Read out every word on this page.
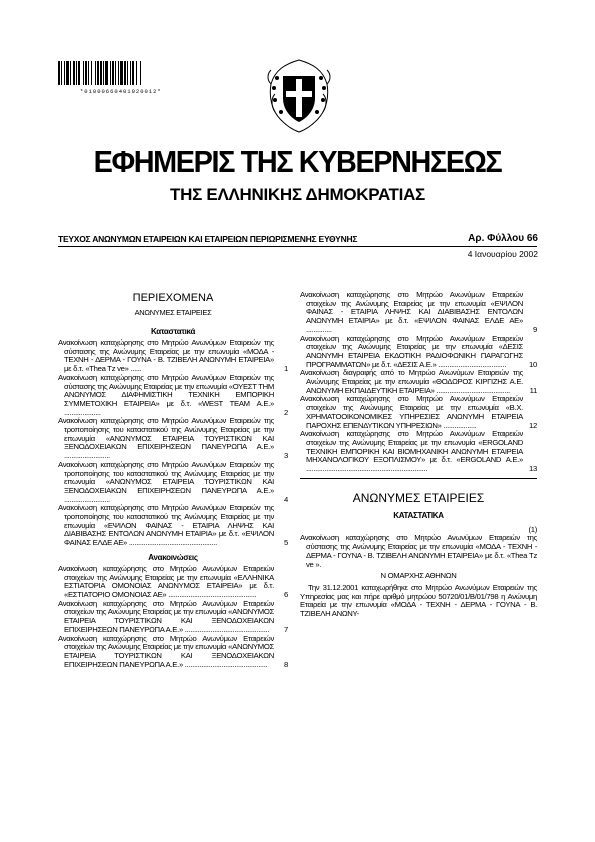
*01000660401020012*
ΕΦΗΜΕΡΙΣ ΤΗΣ ΚΥΒΕΡΝΗΣΕΩΣ
ΤΗΣ ΕΛΛΗΝΙΚΗΣ ΔΗΜΟΚΡΑΤΙΑΣ
ΤΕΥΧΟΣ ΑΝΩΝΥΜΩΝ ΕΤΑΙΡΕΙΩΝ ΚΑΙ ΕΤΑΙΡΕΙΩΝ ΠΕΡΙΩΡΙΣΜΕΝΗΣ ΕΥΘΥΝΗΣ	Αρ. Φύλλου 66
4 Ιανουαρίου 2002
ΠΕΡΙΕΧΟΜΕΝΑ
ΑΝΩΝΥΜΕΣ ΕΤΑΙΡΕΙΕΣ
Καταστατικά
Ανακοίνωση καταχώρησης στο Μητρώο Ανωνύμων Εταιρειών της σύστασης της Ανώνυμης Εταιρείας με την επωνυμία «ΜΟΔΑ - ΤΕΧΝΗ - ΔΕΡΜΑ - ΓΟΥΝΑ - Β. ΤΖΙΒΕΛΗ ΑΝΩΝΥΜΗ ΕΤΑΙΡΕΙΑ» με δ.τ. «Thea Tz ve» ......	1
Ανακοίνωση καταχώρησης στο Μητρώο Ανωνύμων Εταιρειών της σύστασης της Ανώνυμης Εταιρείας με την επωνυμία «ΟΥΕΣΤ ΤΗΜ ΑΝΩΝΥΜΟΣ ΔΙΑΦΗΜΙΣΤΙΚΗ ΤΕΧΝΙΚΗ ΕΜΠΟΡΙΚΗ ΣΥΜΜΕΤΟΧΙΚΗ ΕΤΑΙΡΕΙΑ» με δ.τ. «WEST TEAM Α.Ε.» ....................	2
Ανακοίνωση καταχώρησης στο Μητρώο Ανωνύμων Εταιρειών της τροποποίησης του καταστατικού της Ανώνυμης Εταιρείας με την επωνυμία «ΑΝΩΝΥΜΟΣ ΕΤΑΙΡΕΙΑ ΤΟΥΡΙΣΤΙΚΩΝ ΚΑΙ ΞΕΝΟΔΟΧΕΙΑΚΩΝ ΕΠΙΧΕΙΡΗΣΕΩΝ ΠΑΝΕΥΡΩΠΑ Α.Ε.» .........................	3
Ανακοίνωση καταχώρησης στο Μητρώο Ανωνύμων Εταιρειών της τροποποίησης του καταστατικού της Ανώνυμης Εταιρείας με την επωνυμία «ΑΝΩΝΥΜΟΣ ΕΤΑΙΡΕΙΑ ΤΟΥΡΙΣΤΙΚΩΝ ΚΑΙ ΞΕΝΟΔΟΧΕΙΑΚΩΝ ΕΠΙΧΕΙΡΗΣΕΩΝ ΠΑΝΕΥΡΩΠΑ Α.Ε.» .........................	4
Ανακοίνωση καταχώρησης στο Μητρώο Ανωνύμων Εταιρειών της τροποποίησης του καταστατικού της Ανώνυμης Εταιρείας με την επωνυμία «ΕΨΙΛΟΝ ΦΑΙΝΑΣ - ΕΤΑΙΡΙΑ ΛΗΨΗΣ ΚΑΙ ΔΙΑΒΙΒΑΣΗΣ ΕΝΤΟΛΩΝ ΑΝΩΝΥΜΗ ΕΤΑΙΡΙΑ» με δ.τ. «ΕΨΙΛΟΝ ΦΑΙΝΑΣ ΕΛΔΕ ΑΕ» ................................................	5
Ανακοινώσεις
Ανακοίνωση καταχώρησης στο Μητρώο Ανωνύμων Εταιρειών στοιχείων της Ανώνυμης Εταιρείας με την επωνυμία «ΕΛΛΗΝΙΚΑ ΕΣΤΙΑΤΟΡΙΑ ΟΜΟΝΟΙΑΣ ΑΝΩΝΥΜΟΣ ΕΤΑΙΡΕΙΑ» με δ.τ. «ΕΣΤΙΑΤΟΡΙΟ ΟΜΟΝΟΙΑΣ ΑΕ» ................................................	6
Ανακοίνωση καταχώρησης στο Μητρώο Ανωνύμων Εταιρειών στοιχείων της Ανώνυμης Εταιρείας με την επωνυμία «ΑΝΩΝΥΜΟΣ ΕΤΑΙΡΕΙΑ ΤΟΥΡΙΣΤΙΚΩΝ ΚΑΙ ΞΕΝΟΔΟΧΕΙΑΚΩΝ ΕΠΙΧΕΙΡΗΣΕΩΝ ΠΑΝΕΥΡΩΠΑ Α.Ε.» .............................................. 7
Ανακοίνωση καταχώρησης στο Μητρώο Ανωνύμων Εταιρειών στοιχείων της Ανώνυμης Εταιρείας με την επωνυμία «ΑΝΩΝΥΜΟΣ ΕΤΑΙΡΕΙΑ ΤΟΥΡΙΣΤΙΚΩΝ ΚΑΙ ΞΕΝΟΔΟΧΕΙΑΚΩΝ ΕΠΙΧΕΙΡΗΣΕΩΝ ΠΑΝΕΥΡΩΠΑ Α.Ε.» ............................................. 8
Ανακοίνωση καταχώρησης στο Μητρώο Ανωνύμων Εταιρειών στοιχείων της Ανώνυμης Εταιρείας με την επωνυμία «ΕΨΙΛΟΝ ΦΑΙΝΑΣ - ΕΤΑΙΡΙΑ ΛΗΨΗΣ ΚΑΙ ΔΙΑΒΙΒΑΣΗΣ ΕΝΤΟΛΩΝ ΑΝΩΝΥΜΗ ΕΤΑΙΡΙΑ» με δ.τ. «ΕΨΙΛΟΝ ΦΑΙΝΑΣ ΕΛΔΕ ΑΕ» ..............	9
Ανακοίνωση καταχώρησης στο Μητρώο Ανωνύμων Εταιρειών στοιχείων της Ανώνυμης Εταιρείας με την επωνυμία «ΔΕΣΙΣ ΑΝΩΝΥΜΗ ΕΤΑΙΡΕΙΑ ΕΚΔΟΤΙΚΗ ΡΑΔΙΟΦΩΝΙΚΗ ΠΑΡΑΓΩΓΗΣ ΠΡΟΓΡΑΜΜΑΤΩΝ» με δ.τ. «ΔΕΣΙΣ Α.Ε.» .....................................	10
Ανακοίνωση διαγραφής από το Μητρώο Ανωνύμων Εταιρειών της Ανώνυμης Εταιρείας με την επωνυμία «ΘΟΔΩΡΟΣ ΚΙΡΓΙΖΗΣ Α.Ε. ΑΝΩΝΥΜΗ ΕΚΠΑΙΔΕΥΤΙΚΗ ΕΤΑΙΡΕΙΑ» ........................................	11
Ανακοίνωση καταχώρησης στο Μητρώο Ανωνύμων Εταιρειών στοιχείων της Ανώνυμης Εταιρείας με την επωνυμία «Β.Χ. ΧΡΗΜΑΤΟΟΙΚΟΝΟΜΙΚΕΣ ΥΠΗΡΕΣΙΕΣ ΑΝΩΝΥΜΗ ΕΤΑΙΡΕΙΑ ΠΑΡΟΧΗΣ ΕΠΕΝΔΥΤΙΚΩΝ ΥΠΗΡΕΣΙΩΝ» ..................	12
Ανακοίνωση καταχώρησης στο Μητρώο Ανωνύμων Εταιρειών στοιχείων της Ανώνυμης Εταιρείας με την επωνυμία «ERGOLAND ΤΕΧΝΙΚΗ ΕΜΠΟΡΙΚΗ ΚΑΙ ΒΙΟΜΗΧΑΝΙΚΗ ΑΝΩΝΥΜΗ ΕΤΑΙΡΕΙΑ ΜΗΧΑΝΟΛΟΓΙΚΟΥ ΕΞΟΠΛΙΣΜΟΥ» με δ.τ. «ERGOLAND Α.Ε.» ..................................................................	13
ΑΝΩΝΥΜΕΣ ΕΤΑΙΡΕΙΕΣ
ΚΑΤΑΣΤΑΤΙΚΑ
(1)
Ανακοίνωση καταχώρησης στο Μητρώο Ανωνύμων Εταιρειών της σύστασης της Ανώνυμης Εταιρείας με την επωνυμία «ΜΟΔΑ - ΤΕΧΝΗ - ΔΕΡΜΑ - ΓΟΥΝΑ - Β. ΤΖΙΒΕΛΗ ΑΝΩΝΥΜΗ ΕΤΑΙΡΕΙΑ» με δ.τ. «Thea Tz ve ».
Ν ΟΜΑΡΧΗΣ ΑΘΗΝΩΝ
Την 31.12.2001 καταχωρήθηκε στο Μητρώο Ανωνύμων Εταιρειών της Υπηρεσίας μας και πήρε αριθμό μητρώου 50720/01/Β/01/798 η Ανώνυμη Εταιρεία με την επωνυμία «ΜΟΔΑ - ΤΕΧΝΗ - ΔΕΡΜΑ - ΓΟΥΝΑ - Β. ΤΖΙΒΕΛΗ ΑΝΩΝΥ-
